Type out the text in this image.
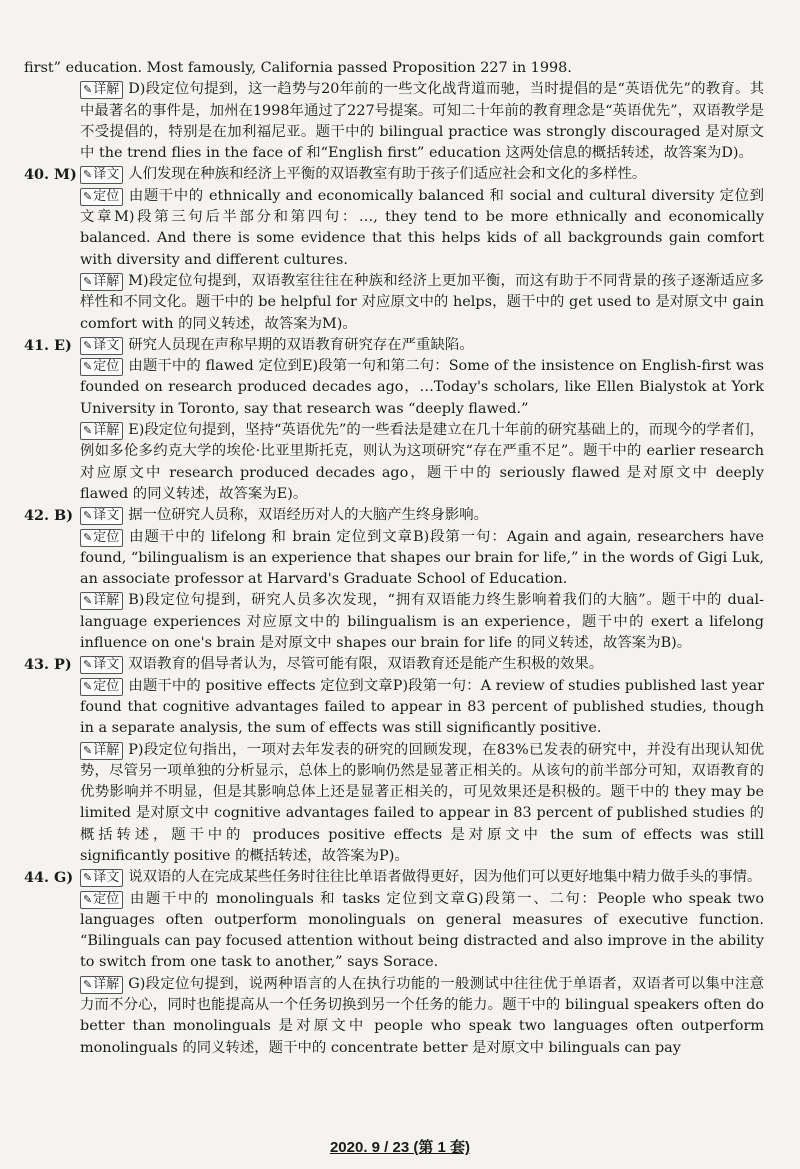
first” education. Most famously, California passed Proposition 227 in 1998.

✎详解 D)段定位句提到，这一趋势与20年前的一些文化战背道而驰，当时提倡的是“英语优先”的教育。其中最著名的事件是，加州在1998年通过了227号提案。可知二十年前的教育理念是“英语优先”，双语教学是不受提倡的，特别是在加利福尼亚。题干中的 bilingual practice was strongly discouraged 是对原文中 the trend flies in the face of 和“English first” education 这两处信息的概括转述，故答案为D)。
40. M) ✎译文 人们发现在种族和经济上平衡的双语教室有助于孩子们适应社会和文化的多样性。
✎定位 由题干中的 ethnically and economically balanced 和 social and cultural diversity 定位到文章M)段第三句后半部分和第四句：…, they tend to be more ethnically and economically balanced. And there is some evidence that this helps kids of all backgrounds gain comfort with diversity and different cultures.
✎详解 M)段定位句提到，双语教室往往在种族和经济上更加平衡，而这有助于不同背景的孩子逐渐适应多样性和不同文化。题干中的 be helpful for 对应原文中的 helps，题干中的 get used to 是对原文中 gain comfort with 的同义转述，故答案为M)。
41. E)	✎译文 研究人员现在声称早期的双语教育研究存在严重缺陷。
✎定位 由题干中的 flawed 定位到E)段第一句和第二句：Some of the insistence on English-first was founded on research produced decades ago，…Today's scholars, like Ellen Bialystok at York University in Toronto, say that research was “deeply flawed.”
✎详解 E)段定位句提到，坚持“英语优先”的一些看法是建立在几十年前的研究基础上的，而现今的学者们，例如多伦多约克大学的埃伦·比亚里斯托克，则认为这项研究“存在严重不足”。题干中的 earlier research 对应原文中 research produced decades ago，题干中的 seriously flawed 是对原文中 deeply flawed 的同义转述，故答案为E)。
42. B) ✎译文 据一位研究人员称，双语经历对人的大脑产生终身影响。
✎定位 由题干中的 lifelong 和 brain 定位到文章B)段第一句：Again and again, researchers have found, “bilingualism is an experience that shapes our brain for life,” in the words of Gigi Luk, an associate professor at Harvard's Graduate School of Education.
✎详解 B)段定位句提到，研究人员多次发现，“拥有双语能力终生影响着我们的大脑”。题干中的 dual-language experiences 对应原文中的 bilingualism is an experience，题干中的 exert a lifelong influence on one's brain 是对原文中 shapes our brain for life 的同义转述，故答案为B)。
43. P)	✎译文 双语教育的倡导者认为，尽管可能有限，双语教育还是能产生积极的效果。
✎定位 由题干中的 positive effects 定位到文章P)段第一句：A review of studies published last year found that cognitive advantages failed to appear in 83 percent of published studies, though in a separate analysis, the sum of effects was still significantly positive.
✎详解 P)段定位句指出，一项对去年发表的研究的回顾发现，在83%已发表的研究中，并没有出现认知优势，尽管另一项单独的分析显示，总体上的影响仍然是显著正相关的。从该句的前半部分可知，双语教育的优势影响并不明显，但是其影响总体上还是显著正相关的，可见效果还是积极的。题干中的 they may be limited 是对原文中 cognitive advantages failed to appear in 83 percent of published studies 的概括转述，题干中的 produces positive effects 是对原文中 the sum of effects was still significantly positive 的概括转述，故答案为P)。
44. G) ✎译文 说双语的人在完成某些任务时往往比单语者做得更好，因为他们可以更好地集中精力做手头的事情。
✎定位 由题干中的 monolinguals 和 tasks 定位到文章G)段第一、二句：People who speak two languages often outperform monolinguals on general measures of executive function. “Bilinguals can pay focused attention without being distracted and also improve in the ability to switch from one task to another,” says Sorace.
✎详解 G)段定位句提到，说两种语言的人在执行功能的一般测试中往往优于单语者，双语者可以集中注意力而不分心，同时也能提高从一个任务切换到另一个任务的能力。题干中的 bilingual speakers often do better than monolinguals 是对原文中 people who speak two languages often outperform monolinguals 的同义转述，题干中的 concentrate better 是对原文中 bilinguals can pay
2020. 9 / 23 (第 1 套)
